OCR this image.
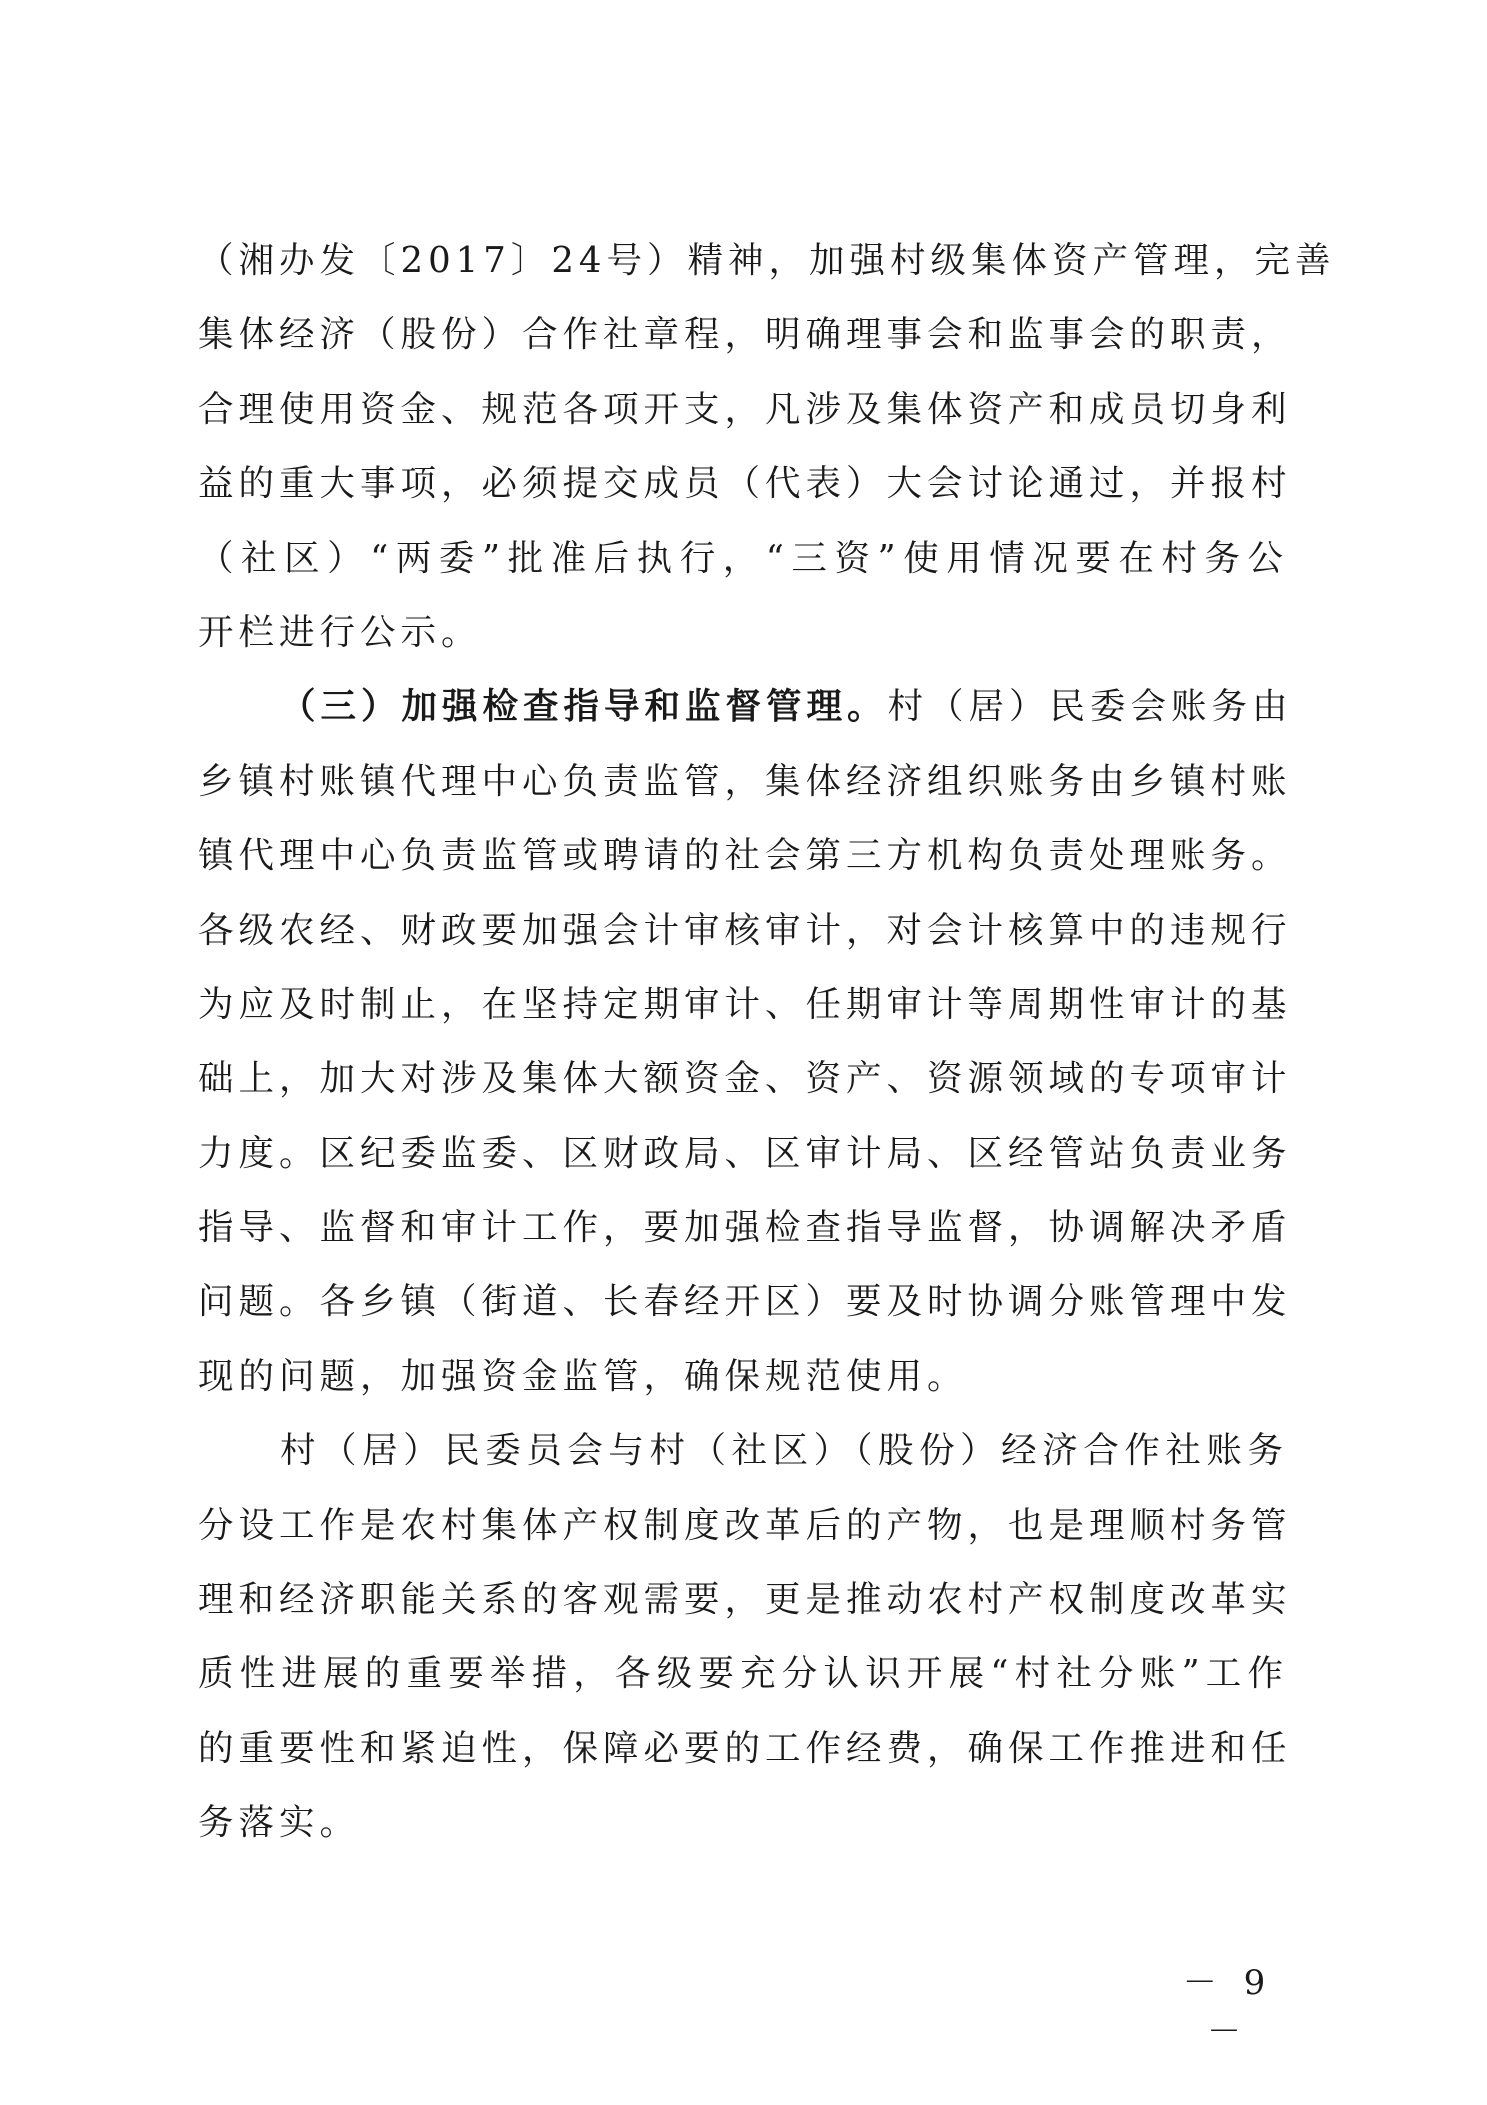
（湘办发〔2017〕24号）精神，加强村级集体资产管理，完善
集体经济（股份）合作社章程，明确理事会和监事会的职责，
合理使用资金、规范各项开支，凡涉及集体资产和成员切身利
益的重大事项，必须提交成员（代表）大会讨论通过，并报村
（社区）“两委”批准后执行，“三资”使用情况要在村务公
开栏进行公示。
（三）加强检查指导和监督管理。村（居）民委会账务由
乡镇村账镇代理中心负责监管，集体经济组织账务由乡镇村账
镇代理中心负责监管或聘请的社会第三方机构负责处理账务。
各级农经、财政要加强会计审核审计，对会计核算中的违规行
为应及时制止，在坚持定期审计、任期审计等周期性审计的基
础上，加大对涉及集体大额资金、资产、资源领域的专项审计
力度。区纪委监委、区财政局、区审计局、区经管站负责业务
指导、监督和审计工作，要加强检查指导监督，协调解决矛盾
问题。各乡镇（街道、长春经开区）要及时协调分账管理中发
现的问题，加强资金监管，确保规范使用。
村（居）民委员会与村（社区）（股份）经济合作社账务
分设工作是农村集体产权制度改革后的产物，也是理顺村务管
理和经济职能关系的客观需要，更是推动农村产权制度改革实
质性进展的重要举措，各级要充分认识开展“村社分账”工作
的重要性和紧迫性，保障必要的工作经费，确保工作推进和任
务落实。
－ 9 －
